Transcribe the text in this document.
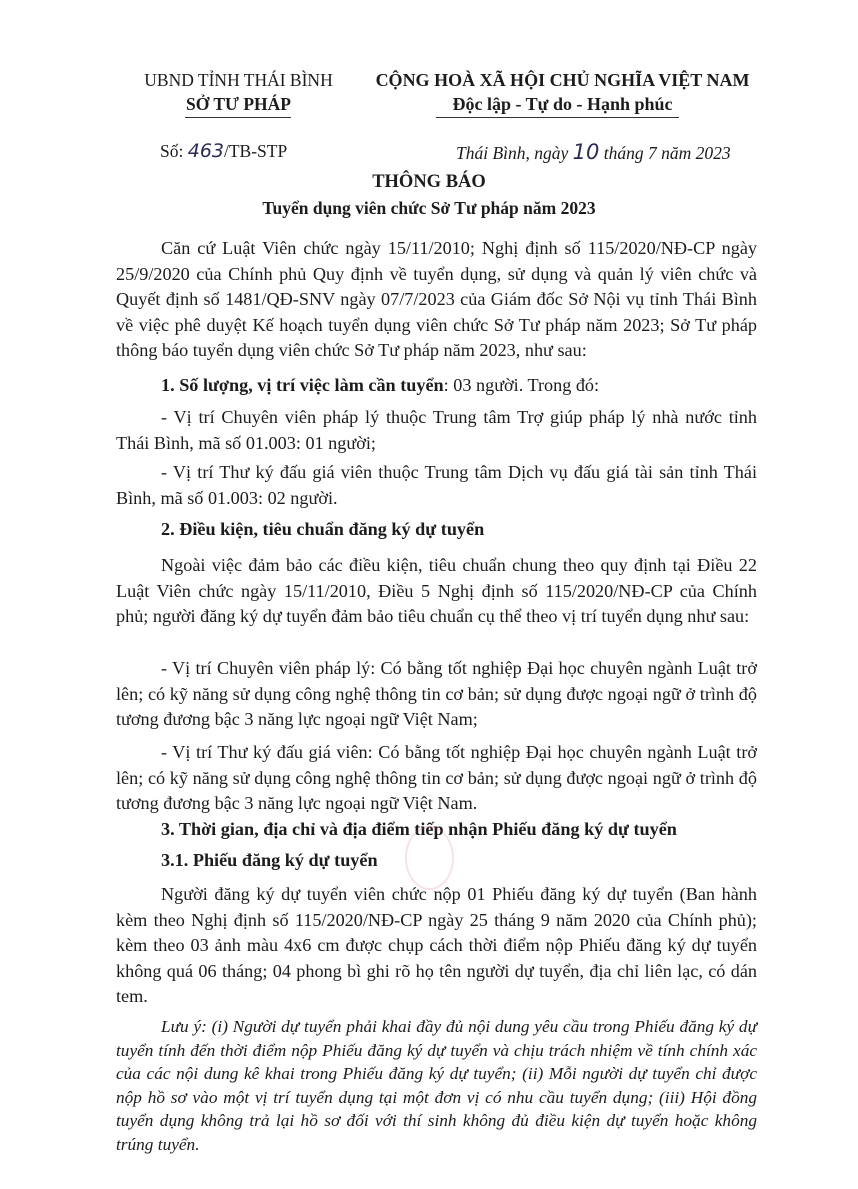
UBND TỈNH THÁI BÌNH
SỞ TƯ PHÁP
CỘNG HOÀ XÃ HỘI CHỦ NGHĨA VIỆT NAM
Độc lập - Tự do - Hạnh phúc
Số: 463/TB-STP	Thái Bình, ngày 10 tháng 7 năm 2023
THÔNG BÁO
Tuyển dụng viên chức Sở Tư pháp năm 2023
Căn cứ Luật Viên chức ngày 15/11/2010; Nghị định số 115/2020/NĐ-CP ngày 25/9/2020 của Chính phủ Quy định về tuyển dụng, sử dụng và quản lý viên chức và Quyết định số 1481/QĐ-SNV ngày 07/7/2023 của Giám đốc Sở Nội vụ tỉnh Thái Bình về việc phê duyệt Kế hoạch tuyển dụng viên chức Sở Tư pháp năm 2023; Sở Tư pháp thông báo tuyển dụng viên chức Sở Tư pháp năm 2023, như sau:
1. Số lượng, vị trí việc làm cần tuyển: 03 người. Trong đó:
- Vị trí Chuyên viên pháp lý thuộc Trung tâm Trợ giúp pháp lý nhà nước tỉnh Thái Bình, mã số 01.003: 01 người;
- Vị trí Thư ký đấu giá viên thuộc Trung tâm Dịch vụ đấu giá tài sản tỉnh Thái Bình, mã số 01.003: 02 người.
2. Điều kiện, tiêu chuẩn đăng ký dự tuyển
Ngoài việc đảm bảo các điều kiện, tiêu chuẩn chung theo quy định tại Điều 22 Luật Viên chức ngày 15/11/2010, Điều 5 Nghị định số 115/2020/NĐ-CP của Chính phủ; người đăng ký dự tuyển đảm bảo tiêu chuẩn cụ thể theo vị trí tuyển dụng như sau:
- Vị trí Chuyên viên pháp lý: Có bằng tốt nghiệp Đại học chuyên ngành Luật trở lên; có kỹ năng sử dụng công nghệ thông tin cơ bản; sử dụng được ngoại ngữ ở trình độ tương đương bậc 3 năng lực ngoại ngữ Việt Nam;
- Vị trí Thư ký đấu giá viên: Có bằng tốt nghiệp Đại học chuyên ngành Luật trở lên; có kỹ năng sử dụng công nghệ thông tin cơ bản; sử dụng được ngoại ngữ ở trình độ tương đương bậc 3 năng lực ngoại ngữ Việt Nam.
3. Thời gian, địa chỉ và địa điểm tiếp nhận Phiếu đăng ký dự tuyển
3.1. Phiếu đăng ký dự tuyển
Người đăng ký dự tuyển viên chức nộp 01 Phiếu đăng ký dự tuyển (Ban hành kèm theo Nghị định số 115/2020/NĐ-CP ngày 25 tháng 9 năm 2020 của Chính phủ); kèm theo 03 ảnh màu 4x6 cm được chụp cách thời điểm nộp Phiếu đăng ký dự tuyển không quá 06 tháng; 04 phong bì ghi rõ họ tên người dự tuyển, địa chỉ liên lạc, có dán tem.
Lưu ý: (i) Người dự tuyển phải khai đầy đủ nội dung yêu cầu trong Phiếu đăng ký dự tuyển tính đến thời điểm nộp Phiếu đăng ký dự tuyển và chịu trách nhiệm về tính chính xác của các nội dung kê khai trong Phiếu đăng ký dự tuyển; (ii) Mỗi người dự tuyển chỉ được nộp hồ sơ vào một vị trí tuyển dụng tại một đơn vị có nhu cầu tuyển dụng; (iii) Hội đồng tuyển dụng không trả lại hồ sơ đối với thí sinh không đủ điều kiện dự tuyển hoặc không trúng tuyển.
